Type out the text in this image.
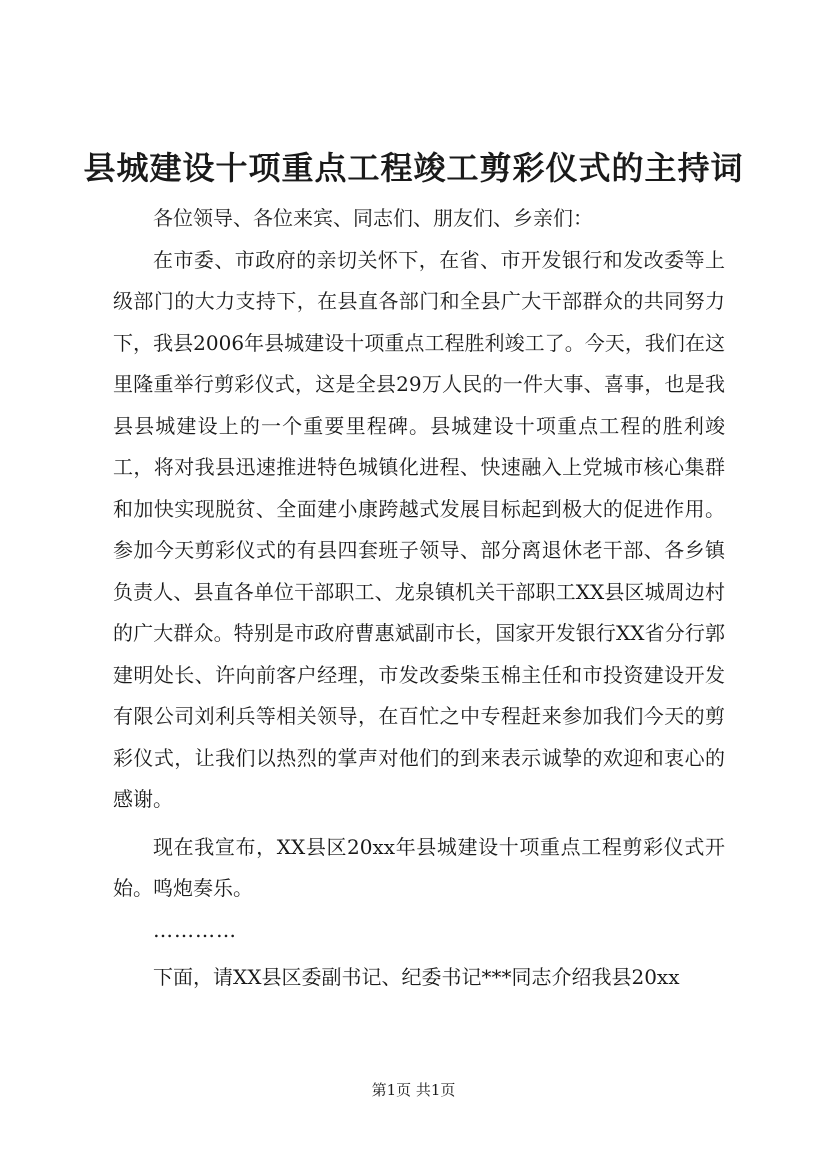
县城建设十项重点工程竣工剪彩仪式的主持词

各位领导、各位来宾、同志们、朋友们、乡亲们：

在市委、市政府的亲切关怀下，在省、市开发银行和发改委等上级部门的大力支持下，在县直各部门和全县广大干部群众的共同努力下，我县2006年县城建设十项重点工程胜利竣工了。今天，我们在这里隆重举行剪彩仪式，这是全县29万人民的一件大事、喜事，也是我县县城建设上的一个重要里程碑。县城建设十项重点工程的胜利竣工，将对我县迅速推进特色城镇化进程、快速融入上党城市核心集群和加快实现脱贫、全面建小康跨越式发展目标起到极大的促进作用。参加今天剪彩仪式的有县四套班子领导、部分离退休老干部、各乡镇负责人、县直各单位干部职工、龙泉镇机关干部职工XX县区城周边村的广大群众。特别是市政府曹惠斌副市长，国家开发银行XX省分行郭建明处长、许向前客户经理，市发改委柴玉棉主任和市投资建设开发有限公司刘利兵等相关领导，在百忙之中专程赶来参加我们今天的剪彩仪式，让我们以热烈的掌声对他们的到来表示诚挚的欢迎和衷心的感谢。

现在我宣布，XX县区20xx年县城建设十项重点工程剪彩仪式开始。鸣炮奏乐。

…………

下面，请XX县区委副书记、纪委书记***同志介绍我县20xx

第1页 共1页
